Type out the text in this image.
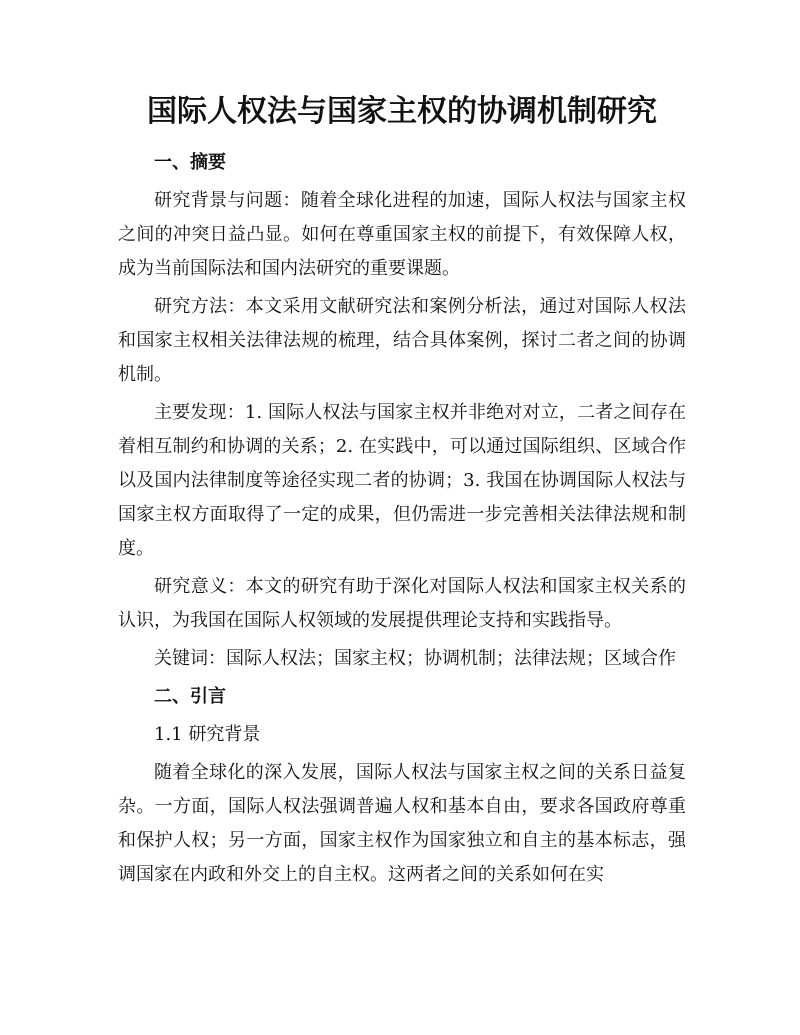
国际人权法与国家主权的协调机制研究
一、摘要

研究背景与问题：随着全球化进程的加速，国际人权法与国家主权之间的冲突日益凸显。如何在尊重国家主权的前提下，有效保障人权，成为当前国际法和国内法研究的重要课题。

研究方法：本文采用文献研究法和案例分析法，通过对国际人权法和国家主权相关法律法规的梳理，结合具体案例，探讨二者之间的协调机制。

主要发现：1. 国际人权法与国家主权并非绝对对立，二者之间存在着相互制约和协调的关系；2. 在实践中，可以通过国际组织、区域合作以及国内法律制度等途径实现二者的协调；3. 我国在协调国际人权法与国家主权方面取得了一定的成果，但仍需进一步完善相关法律法规和制度。

研究意义：本文的研究有助于深化对国际人权法和国家主权关系的认识，为我国在国际人权领域的发展提供理论支持和实践指导。

关键词：国际人权法；国家主权；协调机制；法律法规；区域合作

二、引言
1.1 研究背景

随着全球化的深入发展，国际人权法与国家主权之间的关系日益复杂。一方面，国际人权法强调普遍人权和基本自由，要求各国政府尊重和保护人权；另一方面，国家主权作为国家独立和自主的基本标志，强调国家在内政和外交上的自主权。这两者之间的关系如何在实
